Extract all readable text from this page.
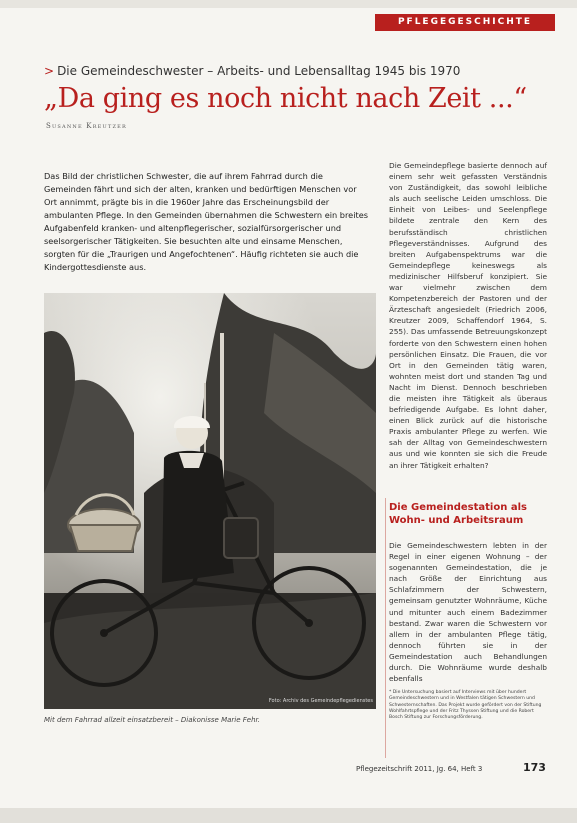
PFLEGEGESCHICHTE
> Die Gemeindeschwester – Arbeits- und Lebensalltag 1945 bis 1970
„Da ging es noch nicht nach Zeit ...“
Susanne Kreutzer
Das Bild der christlichen Schwester, die auf ihrem Fahrrad durch die Gemeinden fährt und sich der alten, kranken und bedürftigen Menschen vor Ort annimmt, prägte bis in die 1960er Jahre das Erscheinungsbild der ambulanten Pflege. In den Gemeinden übernahmen die Schwestern ein breites Aufgabenfeld kranken- und altenpflegerischer, sozialfürsorgerischer und seelsorgerischer Tätigkeiten. Sie besuchten alte und einsame Menschen, sorgten für die „Traurigen und Angefochtenen“. Häufig richteten sie auch die Kindergottesdienste aus.
Foto: Archiv des Gemeindepflegedienstes
Mit dem Fahrrad allzeit einsatzbereit – Diakonisse Marie Fehr.
Die Gemeindepflege basierte dennoch auf einem sehr weit gefassten Verständnis von Zuständigkeit, das sowohl leibliche als auch seelische Leiden umschloss. Die Einheit von Leibes- und Seelenpflege bildete zentrale den Kern des berufsständisch christlichen Pflegeverständnisses. Aufgrund des breiten Aufgabenspektrums war die Gemeindepflege keineswegs als medizinischer Hilfsberuf konzipiert. Sie war vielmehr zwischen dem Kompetenzbereich der Pastoren und der Ärzteschaft angesiedelt (Friedrich 2006, Kreutzer 2009, Schaffendorf 1964, S. 255). Das umfassende Betreuungskonzept forderte von den Schwestern einen hohen persönlichen Einsatz. Die Frauen, die vor Ort in den Gemeinden tätig waren, wohnten meist dort und standen Tag und Nacht im Dienst. Dennoch beschrieben die meisten ihre Tätigkeit als überaus befriedigende Aufgabe. Es lohnt daher, einen Blick zurück auf die historische Praxis ambulanter Pflege zu werfen. Wie sah der Alltag von Gemeindeschwestern aus und wie konnten sie sich die Freude an ihrer Tätigkeit erhalten?
Die Gemeindestation als Wohn- und Arbeitsraum
Die Gemeindeschwestern lebten in der Regel in einer eigenen Wohnung – der sogenannten Gemeindestation, die je nach Größe der Einrichtung aus Schlafzimmern der Schwestern, gemeinsam genutzter Wohnräume, Küche und mitunter auch einem Badezimmer bestand. Zwar waren die Schwestern vor allem in der ambulanten Pflege tätig, dennoch führten sie in der Gemeindestation auch Behandlungen durch. Die Wohnräume wurde deshalb ebenfalls
* Die Untersuchung basiert auf Interviews mit über hundert Gemeindeschwestern und in Westfalen tätigen Schwestern und Schwesternschaften. Das Projekt wurde gefördert von der Stiftung Wohlfahrtspflege und der Fritz Thyssen Stiftung und die Robert Bosch Stiftung zur Forschungsförderung.
Pflegezeitschrift 2011, Jg. 64, Heft 3	173
